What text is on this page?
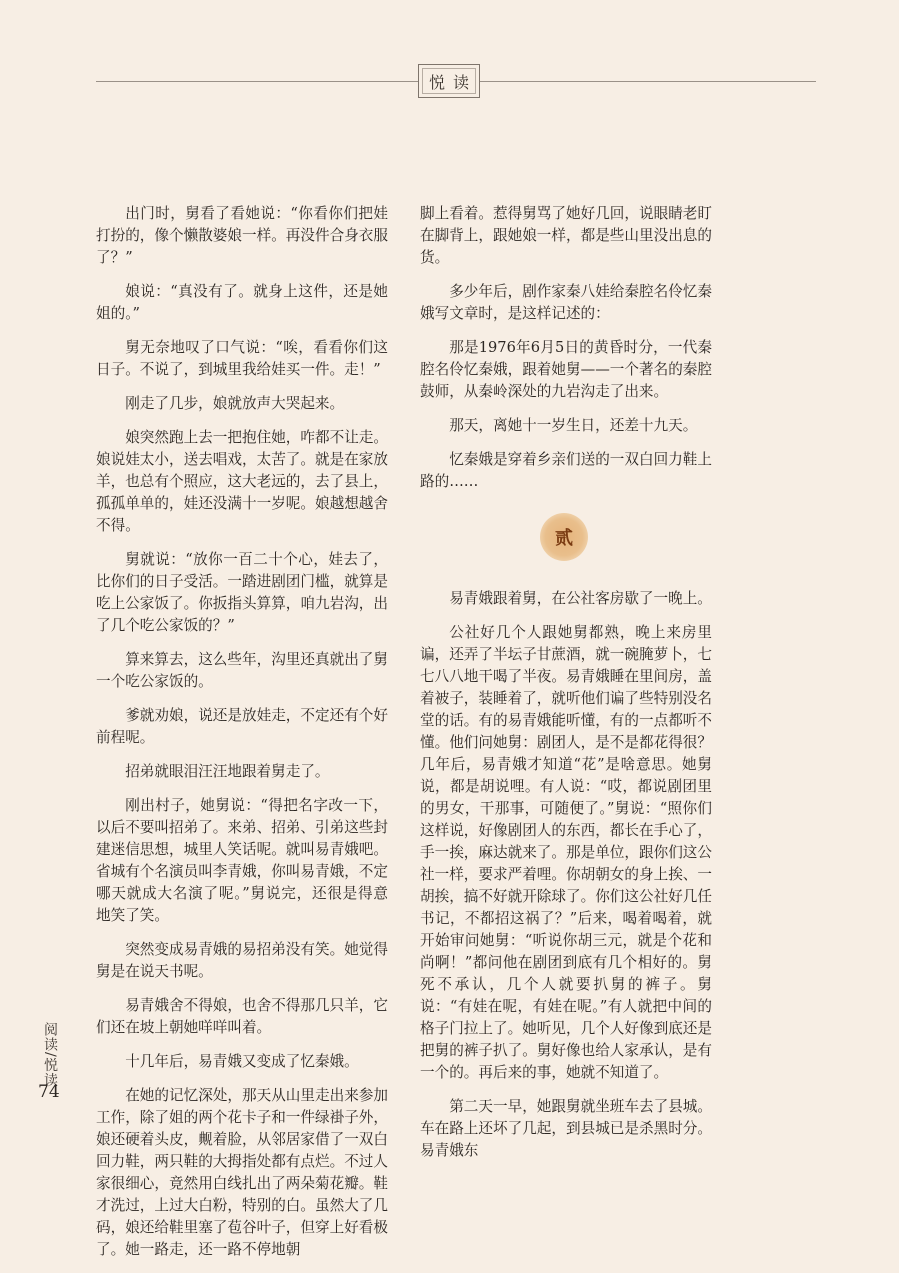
悦读

出门时，舅看了看她说：“你看你们把娃打扮的，像个懒散婆娘一样。再没件合身衣服了？”

娘说：“真没有了。就身上这件，还是她姐的。”

舅无奈地叹了口气说：“唉，看看你们这日子。不说了，到城里我给娃买一件。走！”

刚走了几步，娘就放声大哭起来。

娘突然跑上去一把抱住她，咋都不让走。娘说娃太小，送去唱戏，太苦了。就是在家放羊，也总有个照应，这大老远的，去了县上，孤孤单单的，娃还没满十一岁呢。娘越想越舍不得。

舅就说：“放你一百二十个心，娃去了，比你们的日子受活。一踏进剧团门槛，就算是吃上公家饭了。你扳指头算算，咱九岩沟，出了几个吃公家饭的？”

算来算去，这么些年，沟里还真就出了舅一个吃公家饭的。

爹就劝娘，说还是放娃走，不定还有个好前程呢。

招弟就眼泪汪汪地跟着舅走了。

刚出村子，她舅说：“得把名字改一下，以后不要叫招弟了。来弟、招弟、引弟这些封建迷信思想，城里人笑话呢。就叫易青娥吧。省城有个名演员叫李青娥，你叫易青娥，不定哪天就成大名演了呢。”舅说完，还很是得意地笑了笑。

突然变成易青娥的易招弟没有笑。她觉得舅是在说天书呢。

易青娥舍不得娘，也舍不得那几只羊，它们还在坡上朝她咩咩叫着。

十几年后，易青娥又变成了忆秦娥。

在她的记忆深处，那天从山里走出来参加工作，除了姐的两个花卡子和一件绿褂子外，娘还硬着头皮，觍着脸，从邻居家借了一双白回力鞋，两只鞋的大拇指处都有点烂。不过人家很细心，竟然用白线扎出了两朵菊花瓣。鞋才洗过，上过大白粉，特别的白。虽然大了几码，娘还给鞋里塞了苞谷叶子，但穿上好看极了。她一路走，还一路不停地朝

脚上看着。惹得舅骂了她好几回，说眼睛老盯在脚背上，跟她娘一样，都是些山里没出息的货。

多少年后，剧作家秦八娃给秦腔名伶忆秦娥写文章时，是这样记述的：

那是1976年6月5日的黄昏时分，一代秦腔名伶忆秦娥，跟着她舅——一个著名的秦腔鼓师，从秦岭深处的九岩沟走了出来。

那天，离她十一岁生日，还差十九天。

忆秦娥是穿着乡亲们送的一双白回力鞋上路的……

贰

易青娥跟着舅，在公社客房歇了一晚上。

公社好几个人跟她舅都熟，晚上来房里谝，还弄了半坛子甘蔗酒，就一碗腌萝卜，七七八八地干喝了半夜。易青娥睡在里间房，盖着被子，装睡着了，就听他们谝了些特别没名堂的话。有的易青娥能听懂，有的一点都听不懂。他们问她舅：剧团人，是不是都花得很？几年后，易青娥才知道“花”是啥意思。她舅说，都是胡说哩。有人说：“哎，都说剧团里的男女，干那事，可随便了。”舅说：“照你们这样说，好像剧团人的东西，都长在手心了，手一挨，麻达就来了。那是单位，跟你们这公社一样，要求严着哩。你胡朝女的身上挨、一胡挨，搞不好就开除球了。你们这公社好几任书记，不都招这祸了？”后来，喝着喝着，就开始审问她舅：“听说你胡三元，就是个花和尚啊！”都问他在剧团到底有几个相好的。舅死不承认，几个人就要扒舅的裤子。舅说：“有娃在呢，有娃在呢。”有人就把中间的格子门拉上了。她听见，几个人好像到底还是把舅的裤子扒了。舅好像也给人家承认，是有一个的。再后来的事，她就不知道了。

第二天一早，她跟舅就坐班车去了县城。车在路上还坏了几起，到县城已是杀黑时分。易青娥东

阅读/悦读
74
